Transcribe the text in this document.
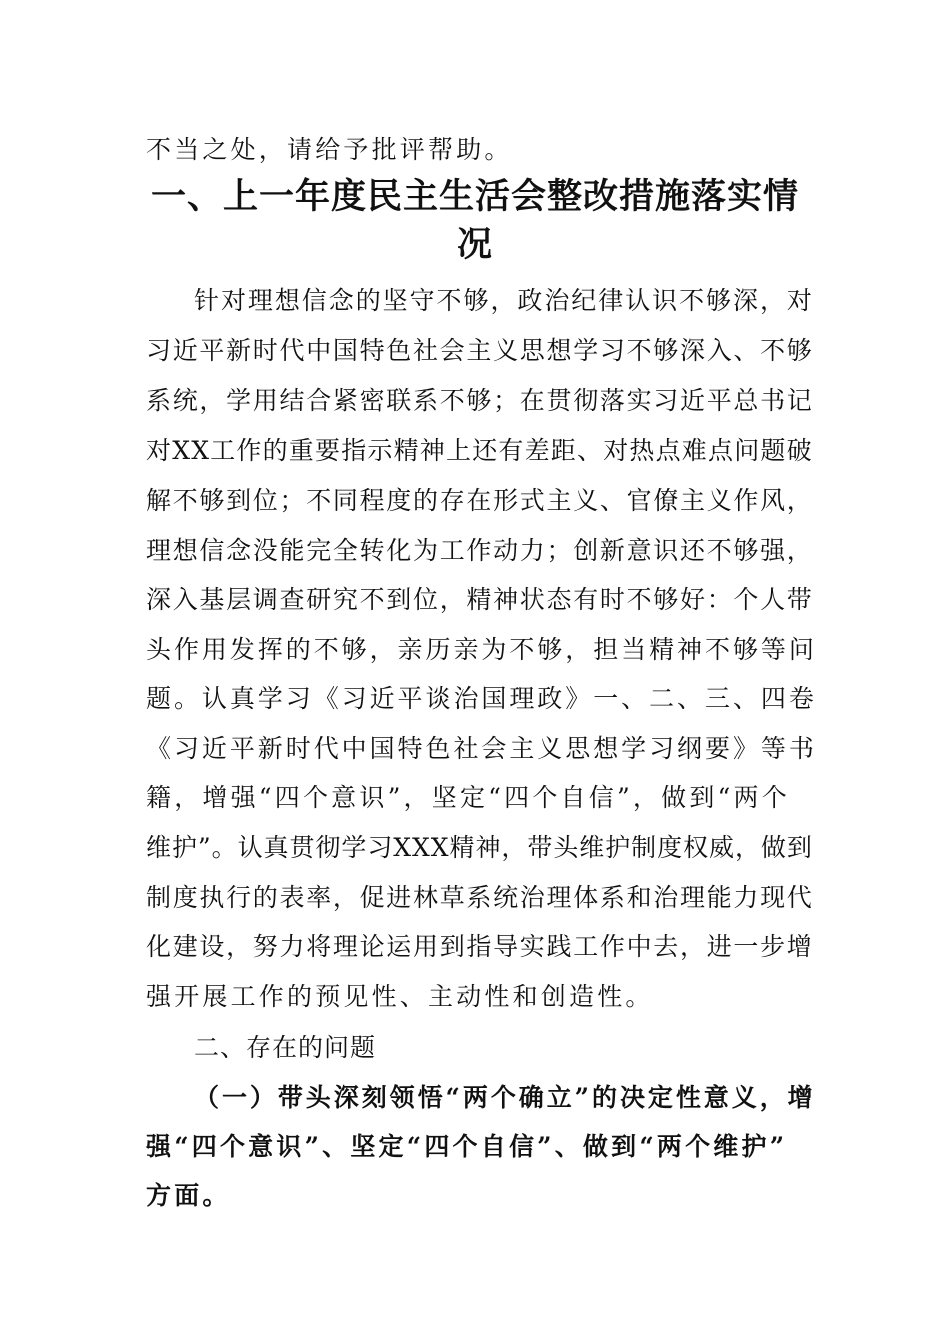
不当之处，请给予批评帮助。
一、上一年度民主生活会整改措施落实情
况
针对理想信念的坚守不够，政治纪律认识不够深，对
习近平新时代中国特色社会主义思想学习不够深入、不够
系统，学用结合紧密联系不够；在贯彻落实习近平总书记
对XX工作的重要指示精神上还有差距、对热点难点问题破
解不够到位；不同程度的存在形式主义、官僚主义作风，
理想信念没能完全转化为工作动力；创新意识还不够强，
深入基层调查研究不到位，精神状态有时不够好：个人带
头作用发挥的不够，亲历亲为不够，担当精神不够等问
题。认真学习《习近平谈治国理政》一、二、三、四卷
《习近平新时代中国特色社会主义思想学习纲要》等书
籍，增强“四个意识”，坚定“四个自信”，做到“两个
维护”。认真贯彻学习XXX精神，带头维护制度权威，做到
制度执行的表率，促进林草系统治理体系和治理能力现代
化建设，努力将理论运用到指导实践工作中去，进一步增
强开展工作的预见性、主动性和创造性。
二、存在的问题
（一）带头深刻领悟“两个确立”的决定性意义，增
强“四个意识”、坚定“四个自信”、做到“两个维护”
方面。
